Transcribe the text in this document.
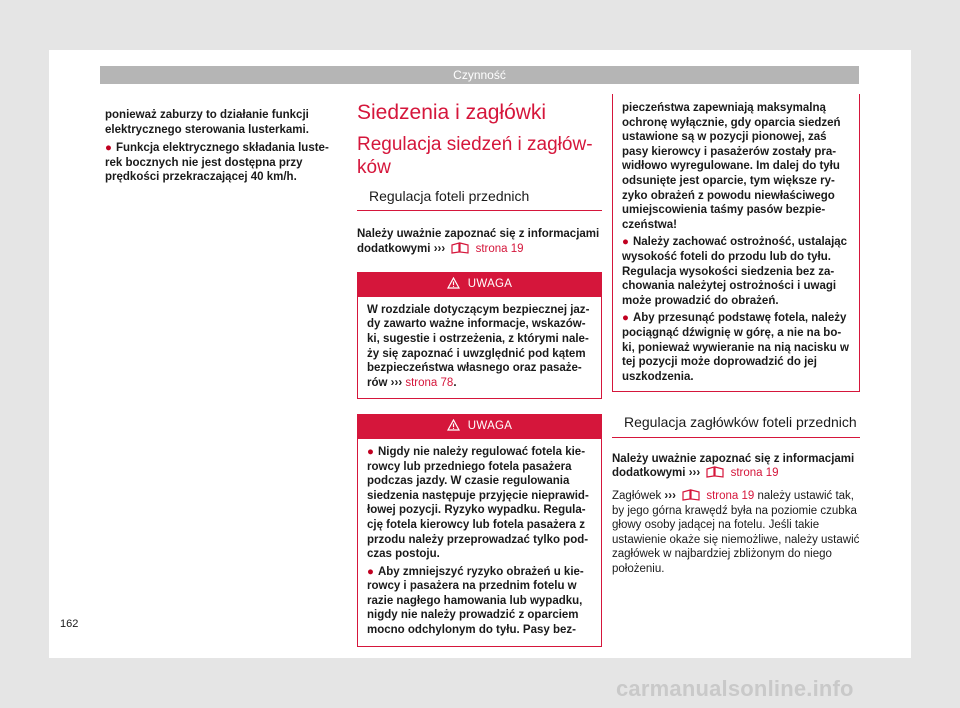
Czynność

ponieważ zaburzy to działanie funkcji elektrycznego sterowania lusterkami.

● Funkcja elektrycznego składania lusterek bocznych nie jest dostępna przy prędkości przekraczającej 40 km/h.

Siedzenia i zagłówki
Regulacja siedzeń i zagłówków
Regulacja foteli przednich

Należy uważnie zapoznać się z informacjami dodatkowymi ›››	strona 19

UWAGA

W rozdziale dotyczącym bezpiecznej jazdy zawarto ważne informacje, wskazówki, sugestie i ostrzeżenia, z którymi należy się zapoznać i uwzględnić pod kątem bezpieczeństwa własnego oraz pasażerów ››› strona 78.

UWAGA

● Nigdy nie należy regulować fotela kierowcy lub przedniego fotela pasażera podczas jazdy. W czasie regulowania siedzenia następuje przyjęcie nieprawidłowej pozycji. Ryzyko wypadku. Regulację fotela kierowcy lub fotela pasażera z przodu należy przeprowadzać tylko podczas postoju.

● Aby zmniejszyć ryzyko obrażeń u kierowcy i pasażera na przednim fotelu w razie nagłego hamowania lub wypadku, nigdy nie należy prowadzić z oparciem mocno odchylonym do tyłu. Pasy bez-

pieczeństwa zapewniają maksymalną ochronę wyłącznie, gdy oparcia siedzeń ustawione są w pozycji pionowej, zaś pasy kierowcy i pasażerów zostały prawidłowo wyregulowane. Im dalej do tyłu odsunięte jest oparcie, tym większe ryzyko obrażeń z powodu niewłaściwego umiejscowienia taśmy pasów bezpieczeństwa!

● Należy zachować ostrożność, ustalając wysokość foteli do przodu lub do tyłu. Regulacja wysokości siedzenia bez zachowania należytej ostrożności i uwagi może prowadzić do obrażeń.

● Aby przesunąć podstawę fotela, należy pociągnąć dźwignię w górę, a nie na boki, ponieważ wywieranie na nią nacisku w tej pozycji może doprowadzić do jej uszkodzenia.

Regulacja zagłówków foteli przednich

Należy uważnie zapoznać się z informacjami dodatkowymi ›››	strona 19

Zagłówek ›››	strona 19 należy ustawić tak, by jego górna krawędź była na poziomie czubka głowy osoby jadącej na fotelu. Jeśli takie ustawienie okaże się niemożliwe, należy ustawić zagłówek w najbardziej zbliżonym do niego położeniu.

162
carmanualsonline.info
